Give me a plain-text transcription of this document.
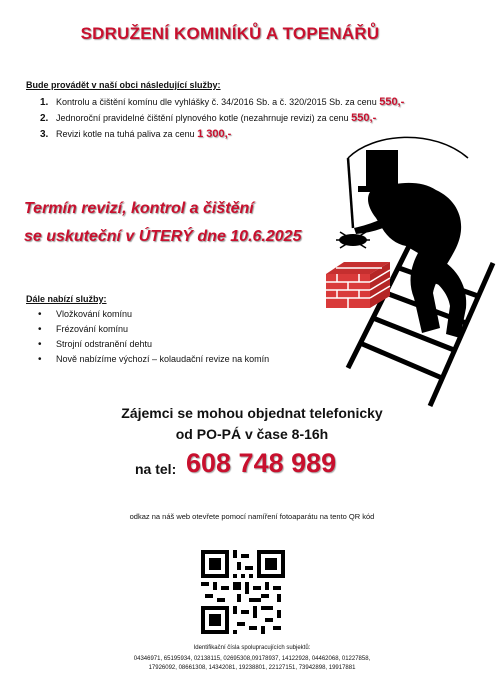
SDRUŽENÍ KOMINÍKŮ A TOPENÁŘŮ
Bude provádět v naší obci následující služby:
1. Kontrolu a čištění komínu dle vyhlášky č. 34/2016 Sb. a č. 320/2015 Sb. za cenu 550,-
2. Jednoroční pravidelné čištění plynového kotle (nezahrnuje revizi) za cenu 550,-
3. Revizi kotle na tuhá paliva za cenu 1 300,-
Termín revizí, kontrol a čištění
se uskuteční v ÚTERÝ dne 10.6.2025
Dále nabízí služby:
• Vložkování komínu
• Frézování komínu
• Strojní odstranění dehtu
• Nově nabízíme výchozí – kolaudační revize na komín
Zájemci se mohou objednat telefonicky
od PO-PÁ v čase 8-16h
na tel: 608 748 989
odkaz na náš web otevřete pomocí namíření fotoaparátu na tento QR kód
Identifikační čísla spolupracujících subjektů:
04346971, 65195934, 02138115, 02695308,09178937, 14122928, 04462068, 01227858,
17926092, 08661308, 14342081, 19238801, 22127151, 73942898, 19917881
